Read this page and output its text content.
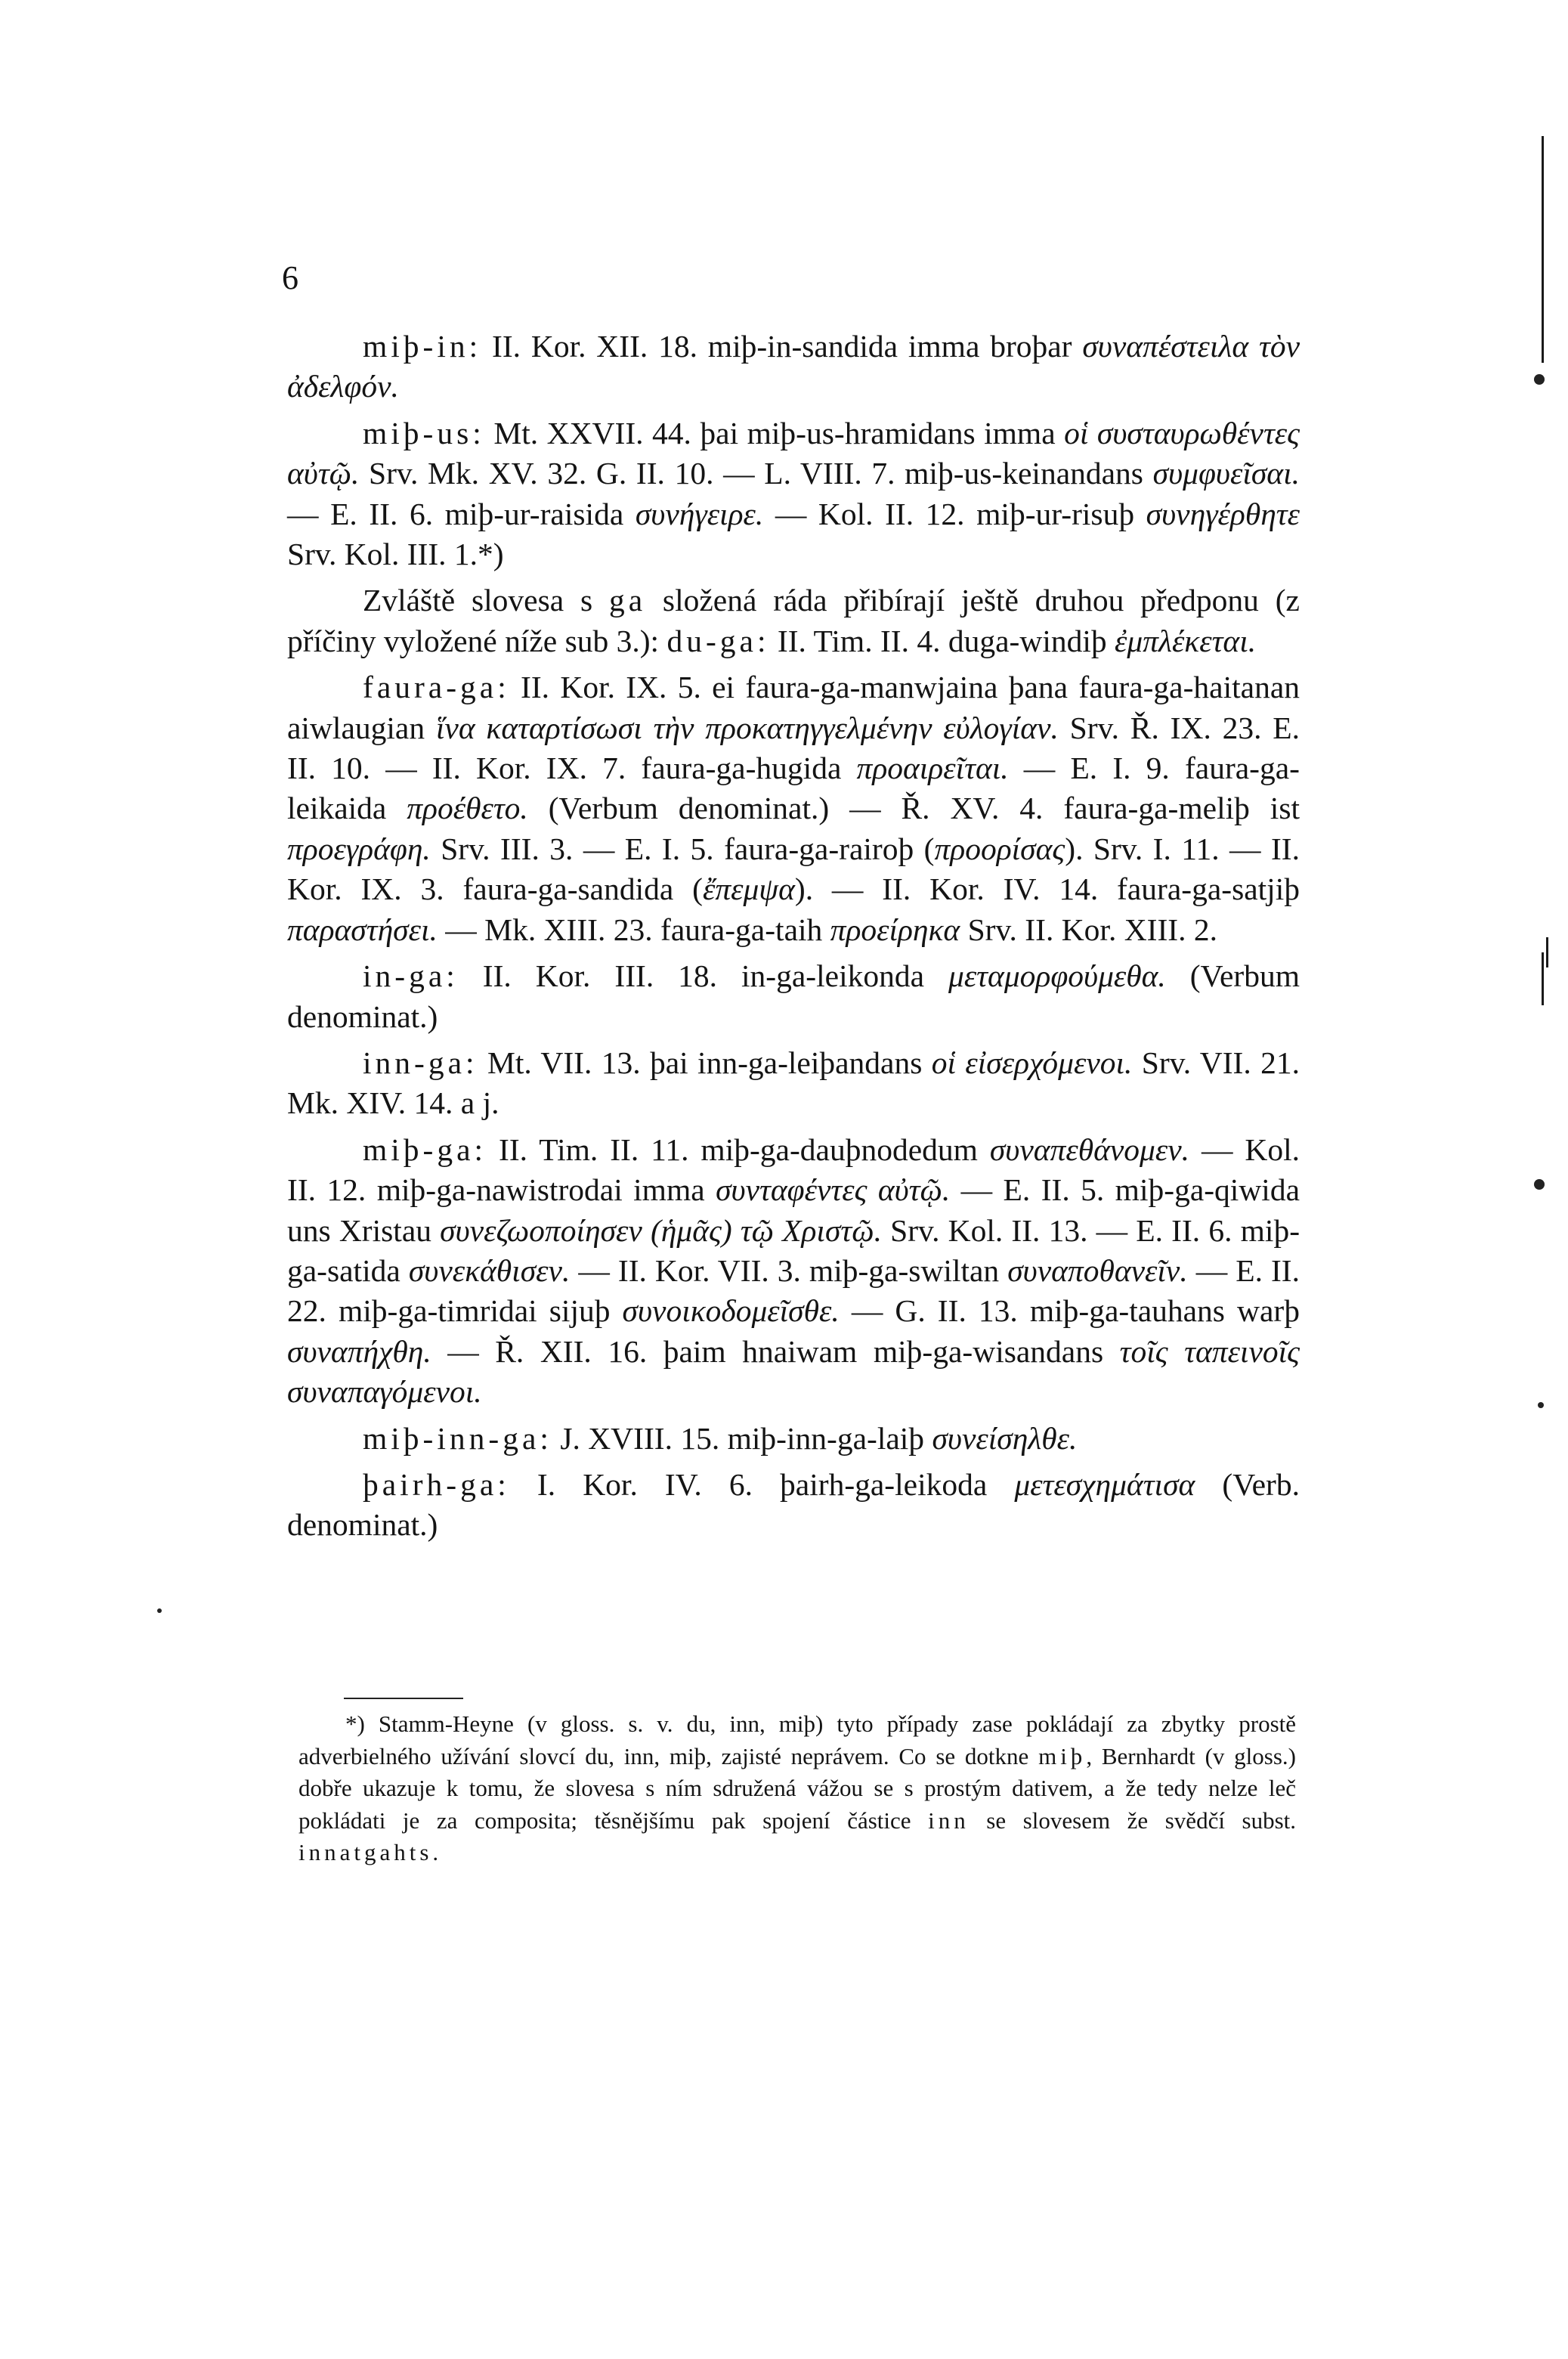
6

miþ-in: II. Kor. XII. 18. miþ-in-sandida imma broþar συναπέστειλα τὸν ἀδελφόν.

miþ-us: Mt. XXVII. 44. þai miþ-us-hramidans imma οἱ συσταυρωθέντες αὐτῷ. Srv. Mk. XV. 32. G. II. 10. — L. VIII. 7. miþ-us-keinandans συμφυεῖσαι. — E. II. 6. miþ-ur-raisida συνήγειρε. — Kol. II. 12. miþ-ur-risuþ συνηγέρθητε Srv. Kol. III. 1.*)

Zvláště slovesa s ga složená ráda přibírají ještě druhou předponu (z příčiny vyložené níže sub 3.): du-ga: II. Tim. II. 4. duga-windiþ ἐμπλέκεται.

faura-ga: II. Kor. IX. 5. ei faura-ga-manwjaina þana faura-ga-haitanan aiwlaugian ἵνα καταρτίσωσι τὴν προκατηγγελμένην εὐλογίαν. Srv. Ř. IX. 23. E. II. 10. — II. Kor. IX. 7. faura-ga-hugida προαιρεῖται. — E. I. 9. faura-ga-leikaida προέθετο. (Verbum denominat.) — Ř. XV. 4. faura-ga-meliþ ist προεγράφη. Srv. III. 3. — E. I. 5. faura-ga-rairoþ (προορίσας). Srv. I. 11. — II. Kor. IX. 3. faura-ga-sandida (ἔπεμψα). — II. Kor. IV. 14. faura-ga-satjiþ παραστήσει. — Mk. XIII. 23. faura-ga-taih προείρηκα Srv. II. Kor. XIII. 2.

in-ga: II. Kor. III. 18. in-ga-leikonda μεταμορφούμεθα. (Verbum denominat.)

inn-ga: Mt. VII. 13. þai inn-ga-leiþandans οἱ εἰσερχόμενοι. Srv. VII. 21. Mk. XIV. 14. a j.

miþ-ga: II. Tim. II. 11. miþ-ga-dauþnodedum συναπεθάνομεν. — Kol. II. 12. miþ-ga-nawistrodai imma συνταφέντες αὐτῷ. — E. II. 5. miþ-ga-qiwida uns Xristau συνεζωοποίησεν (ἡμᾶς) τῷ Χριστῷ. Srv. Kol. II. 13. — E. II. 6. miþ-ga-satida συνεκάθισεν. — II. Kor. VII. 3. miþ-ga-swiltan συναποθανεῖν. — E. II. 22. miþ-ga-timridai sijuþ συνοικοδομεῖσθε. — G. II. 13. miþ-ga-tauhans warþ συναπήχθη. — Ř. XII. 16. þaim hnaiwam miþ-ga-wisandans τοῖς ταπεινοῖς συναπαγόμενοι.

miþ-inn-ga: J. XVIII. 15. miþ-inn-ga-laiþ συνείσηλθε.

þairh-ga: I. Kor. IV. 6. þairh-ga-leikoda μετεσχημάτισα (Verb. denominat.)

*) Stamm-Heyne (v gloss. s. v. du, inn, miþ) tyto případy zase pokládají za zbytky prostě adverbielného užívání slovcí du, inn, miþ, zajisté neprávem. Co se dotkne miþ, Bernhardt (v gloss.) dobře ukazuje k tomu, že slovesa s ním sdružená vážou se s prostým dativem, a že tedy nelze leč pokládati je za composita; těsnějšímu pak spojení částice inn se slovesem že svědčí subst. innatgahts.
